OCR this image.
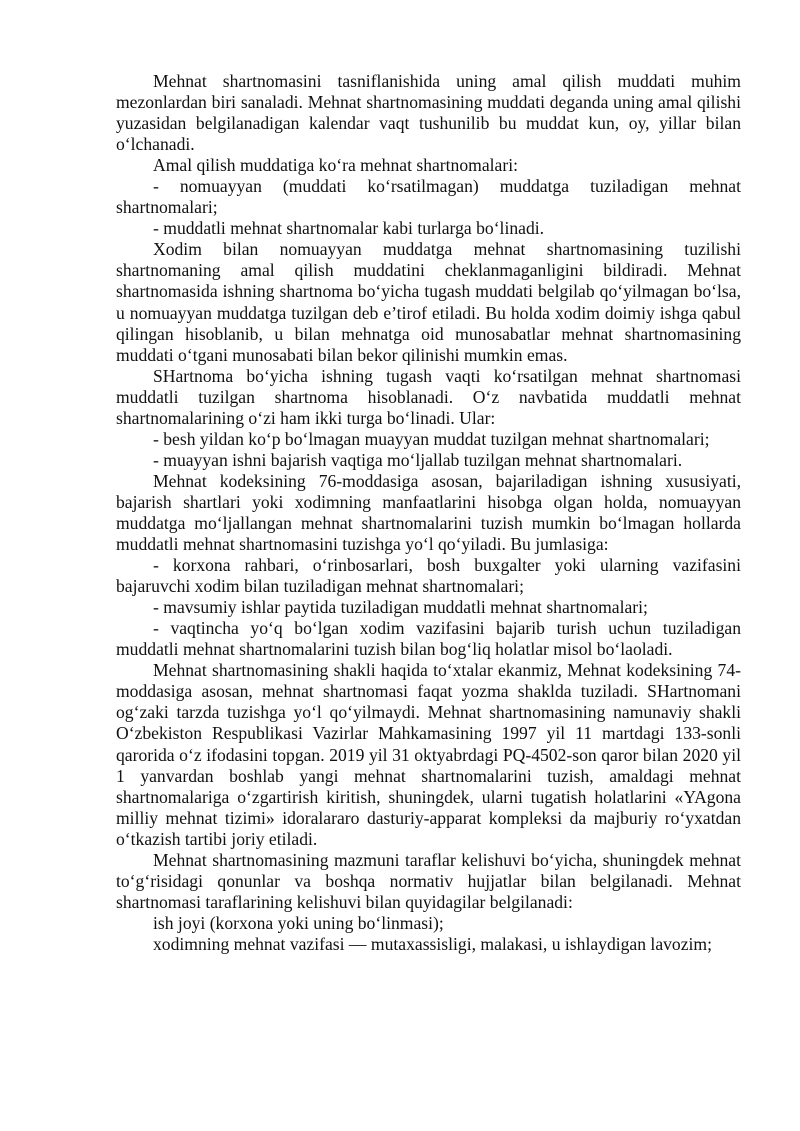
Mehnat shartnomasini tasniflanishida uning amal qilish muddati muhim mezonlardan biri sanaladi. Mehnat shartnomasining muddati deganda uning amal qilishi yuzasidan belgilanadigan kalendar vaqt tushunilib bu muddat kun, oy, yillar bilan o‘lchanadi.

Amal qilish muddatiga ko‘ra mehnat shartnomalari:

- nomuayyan (muddati ko‘rsatilmagan) muddatga tuziladigan mehnat shartnomalari;

- muddatli mehnat shartnomalar kabi turlarga bo‘linadi.

Xodim bilan nomuayyan muddatga mehnat shartnomasining tuzilishi shartnomaning amal qilish muddatini cheklanmaganligini bildiradi. Mehnat shartnomasida ishning shartnoma bo‘yicha tugash muddati belgilab qo‘yilmagan bo‘lsa, u nomuayyan muddatga tuzilgan deb e’tirof etiladi. Bu holda xodim doimiy ishga qabul qilingan hisoblanib, u bilan mehnatga oid munosabatlar mehnat shartnomasining muddati o‘tgani munosabati bilan bekor qilinishi mumkin emas.

SHartnoma bo‘yicha ishning tugash vaqti ko‘rsatilgan mehnat shartnomasi muddatli tuzilgan shartnoma hisoblanadi. O‘z navbatida muddatli mehnat shartnomalarining o‘zi ham ikki turga bo‘linadi. Ular:

- besh yildan ko‘p bo‘lmagan muayyan muddat tuzilgan mehnat shartnomalari;

- muayyan ishni bajarish vaqtiga mo‘ljallab tuzilgan mehnat shartnomalari.

Mehnat kodeksining 76-moddasiga asosan, bajariladigan ishning xususiyati, bajarish shartlari yoki xodimning manfaatlarini hisobga olgan holda, nomuayyan muddatga mo‘ljallangan mehnat shartnomalarini tuzish mumkin bo‘lmagan hollarda muddatli mehnat shartnomasini tuzishga yo‘l qo‘yiladi. Bu jumlasiga:

- korxona rahbari, o‘rinbosarlari, bosh buxgalter yoki ularning vazifasini bajaruvchi xodim bilan tuziladigan mehnat shartnomalari;

- mavsumiy ishlar paytida tuziladigan muddatli mehnat shartnomalari;

- vaqtincha yo‘q bo‘lgan xodim vazifasini bajarib turish uchun tuziladigan muddatli mehnat shartnomalarini tuzish bilan bog‘liq holatlar misol bo‘laoladi.

Mehnat shartnomasining shakli haqida to‘xtalar ekanmiz, Mehnat kodeksining 74-moddasiga asosan, mehnat shartnomasi faqat yozma shaklda tuziladi. SHartnomani og‘zaki tarzda tuzishga yo‘l qo‘yilmaydi. Mehnat shartnomasining namunaviy shakli O‘zbekiston Respublikasi Vazirlar Mahkamasining 1997 yil 11 martdagi 133-sonli qarorida o‘z ifodasini topgan. 2019 yil 31 oktyabrdagi PQ-4502-son qaror bilan 2020 yil 1 yanvardan boshlab yangi mehnat shartnomalarini tuzish, amaldagi mehnat shartnomalariga o‘zgartirish kiritish, shuningdek, ularni tugatish holatlarini «YAgona milliy mehnat tizimi» idoralararo dasturiy-apparat kompleksi da majburiy ro‘yxatdan o‘tkazish tartibi joriy etiladi.

Mehnat shartnomasining mazmuni taraflar kelishuvi bo‘yicha, shuningdek mehnat to‘g‘risidagi qonunlar va boshqa normativ hujjatlar bilan belgilanadi. Mehnat shartnomasi taraflarining kelishuvi bilan quyidagilar belgilanadi:

ish joyi (korxona yoki uning bo‘linmasi);

xodimning mehnat vazifasi — mutaxassisligi, malakasi, u ishlaydigan lavozim;
